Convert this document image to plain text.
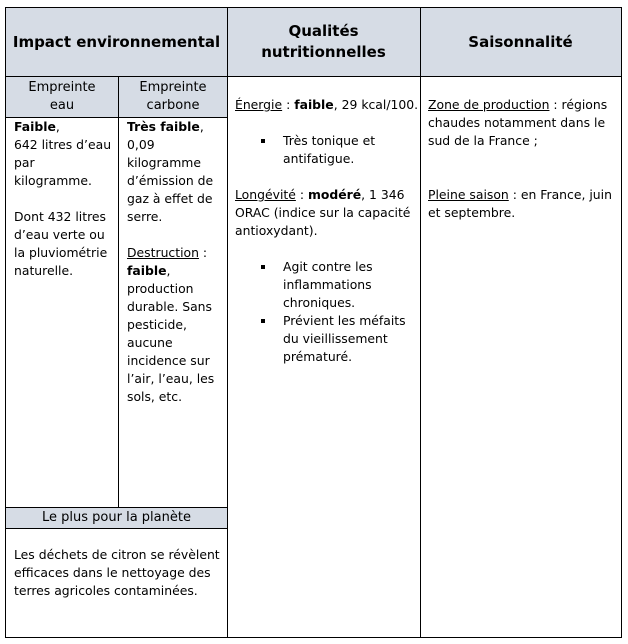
Impact environnemental
Qualités
nutritionnelles
Saisonnalité
Empreinte
eau
Empreinte
carbone
Le plus pour la planète

Faible,

642 litres d’eau

par kilogramme.

Dont 432 litres

d’eau verte ou

la pluviométrie

naturelle.

Très faible,

0,09

kilogramme

d’émission de

gaz à effet de

serre.

Destruction :

faible,

production

durable. Sans

pesticide,

aucune

incidence sur

l’air, l’eau, les

sols, etc.

Les déchets de citron se révèlent

efficaces dans le nettoyage des

terres agricoles contaminées.

Énergie : faible, 29 kcal/100.

Très tonique et
antifatigue.

Longévité : modéré, 1 346

ORAC (indice sur la capacité

antioxydant).

Agit contre les
inflammations
chroniques.
Prévient les méfaits
du vieillissement
prématuré.

Zone de production : régions

chaudes notamment dans le

sud de la France ;

Pleine saison : en France, juin

et septembre.
